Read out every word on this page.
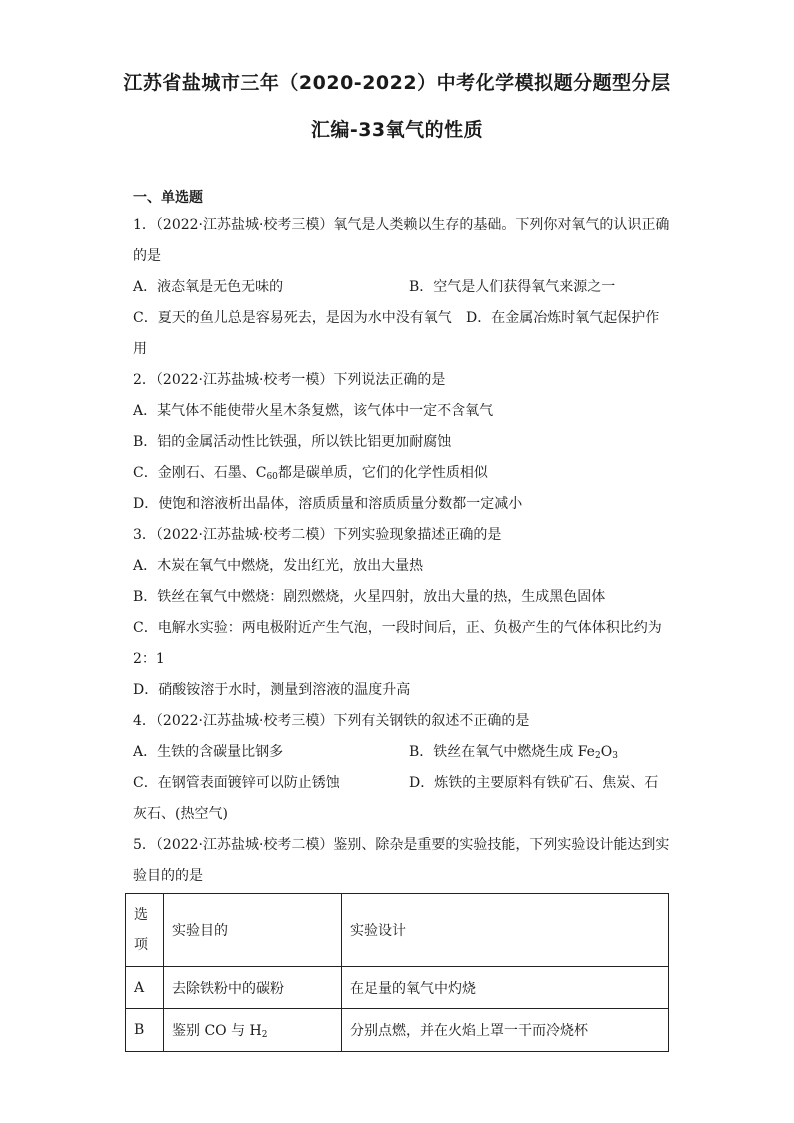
江苏省盐城市三年（2020-2022）中考化学模拟题分题型分层
汇编-33氧气的性质
一、单选题
1．（2022·江苏盐城·校考三模）氧气是人类赖以生存的基础。下列你对氧气的认识正确
的是
A．液态氧是无色无味的	B．空气是人们获得氧气来源之一
C．夏天的鱼儿总是容易死去，是因为水中没有氧气 D．在金属冶炼时氧气起保护作
用
2．（2022·江苏盐城·校考一模）下列说法正确的是
A．某气体不能使带火星木条复燃，该气体中一定不含氧气
B．铝的金属活动性比铁强，所以铁比铝更加耐腐蚀
C．金刚石、石墨、$C_{60}$都是碳单质，它们的化学性质相似
D．使饱和溶液析出晶体，溶质质量和溶质质量分数都一定减小
3．（2022·江苏盐城·校考二模）下列实验现象描述正确的是
A．木炭在氧气中燃烧，发出红光，放出大量热
B．铁丝在氧气中燃烧：剧烈燃烧，火星四射，放出大量的热，生成黑色固体
C．电解水实验：两电极附近产生气泡，一段时间后，正、负极产生的气体体积比约为
2：1
D．硝酸铵溶于水时，测量到溶液的温度升高
4．（2022·江苏盐城·校考三模）下列有关钢铁的叙述不正确的是
A．生铁的含碳量比钢多	B．铁丝在氧气中燃烧生成 $Fe_2O_3$
C．在钢管表面镀锌可以防止锈蚀	D．炼铁的主要原料有铁矿石、焦炭、石
灰石、(热空气)
5．（2022·江苏盐城·校考二模）鉴别、除杂是重要的实验技能，下列实验设计能达到实
验目的的是
选项	实验目的	实验设计
A	去除铁粉中的碳粉	在足量的氧气中灼烧
B	鉴别 CO 与 $H_2$	分别点燃，并在火焰上罩一干而冷烧杯
